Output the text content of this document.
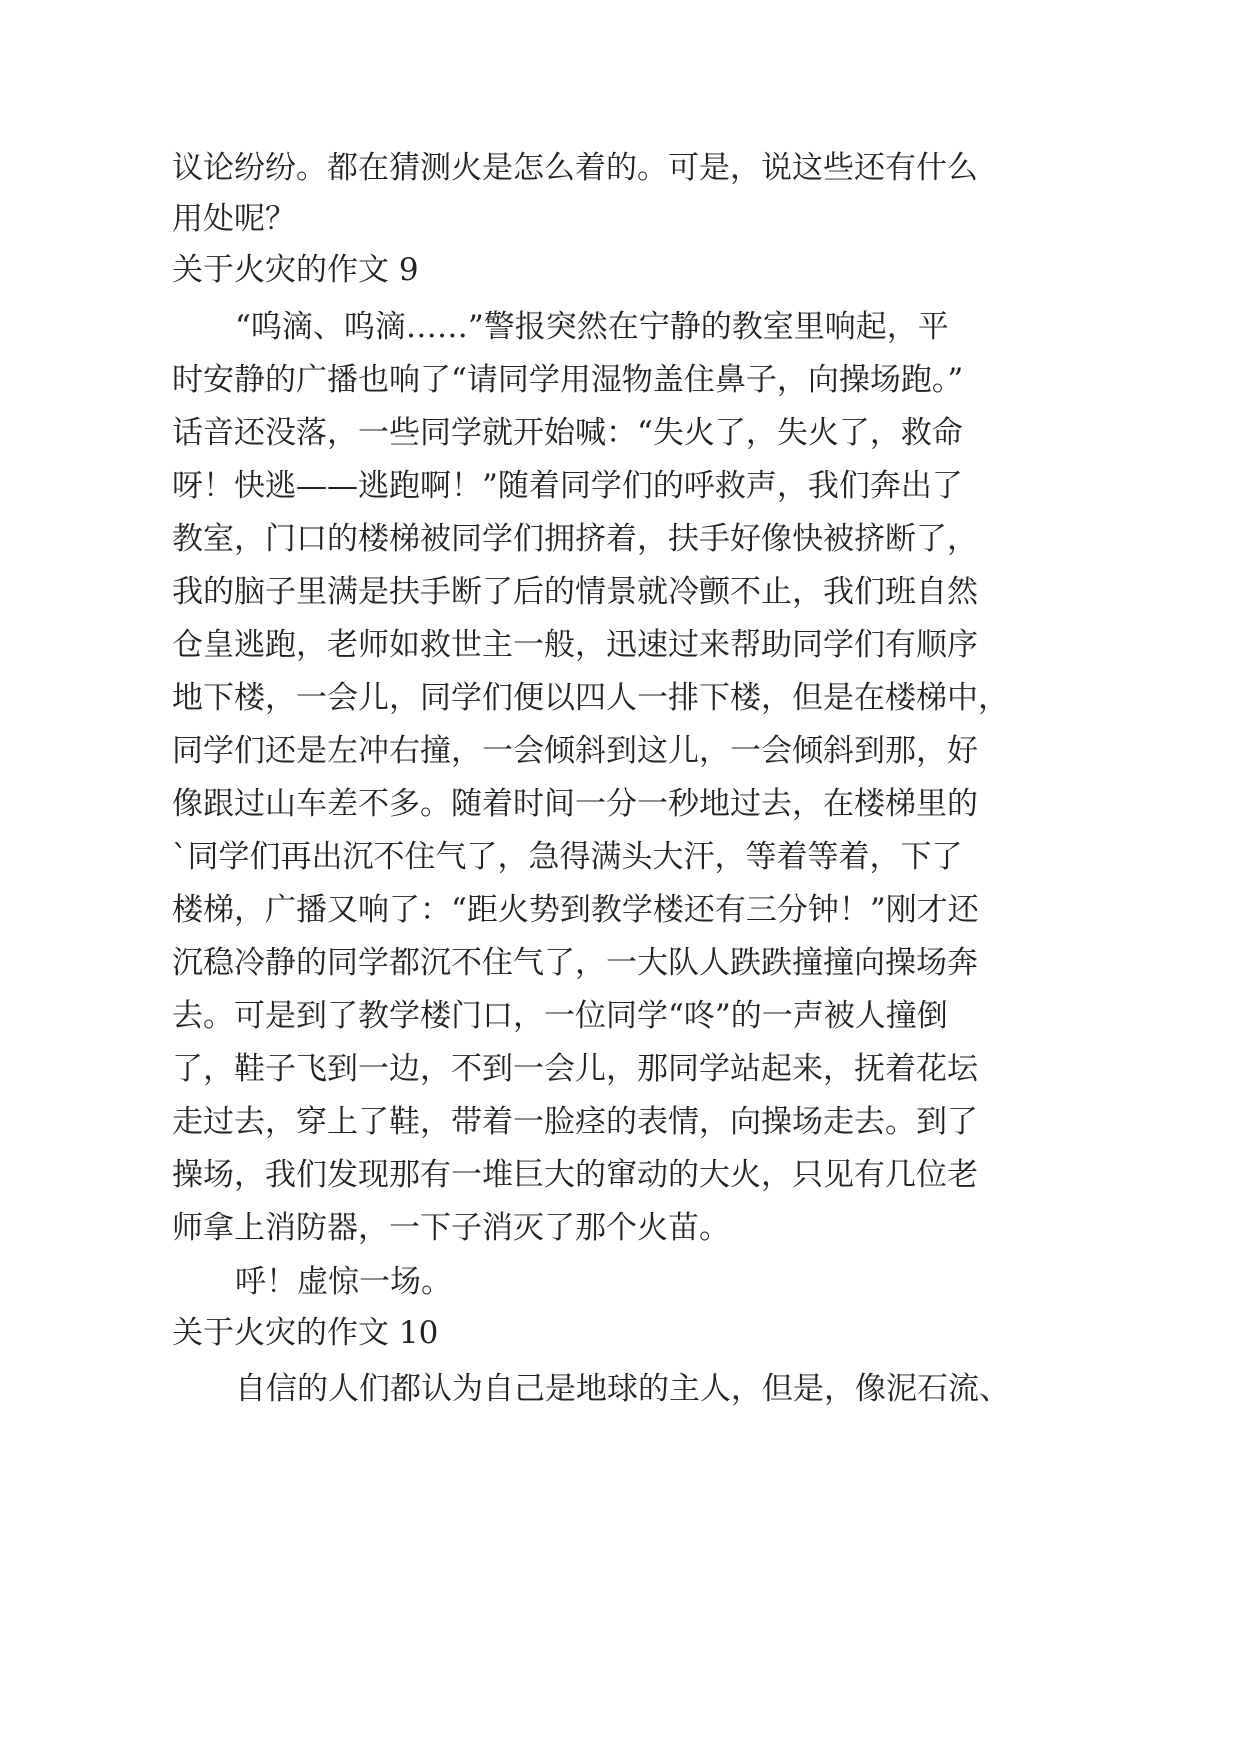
议论纷纷。都在猜测火是怎么着的。可是，说这些还有什么
用处呢？
关于火灾的作文 9
“呜滴、呜滴……”警报突然在宁静的教室里响起，平
时安静的广播也响了“请同学用湿物盖住鼻子，向操场跑。”
话音还没落，一些同学就开始喊：“失火了，失火了，救命
呀！快逃——逃跑啊！”随着同学们的呼救声，我们奔出了
教室，门口的楼梯被同学们拥挤着，扶手好像快被挤断了，
我的脑子里满是扶手断了后的情景就冷颤不止，我们班自然
仓皇逃跑，老师如救世主一般，迅速过来帮助同学们有顺序
地下楼，一会儿，同学们便以四人一排下楼，但是在楼梯中，
同学们还是左冲右撞，一会倾斜到这儿，一会倾斜到那，好
像跟过山车差不多。随着时间一分一秒地过去，在楼梯里的
`同学们再出沉不住气了，急得满头大汗，等着等着，下了
楼梯，广播又响了：“距火势到教学楼还有三分钟！”刚才还
沉稳冷静的同学都沉不住气了，一大队人跌跌撞撞向操场奔
去。可是到了教学楼门口，一位同学“咚”的一声被人撞倒
了，鞋子飞到一边，不到一会儿，那同学站起来，抚着花坛
走过去，穿上了鞋，带着一脸痉的表情，向操场走去。到了
操场，我们发现那有一堆巨大的窜动的大火，只见有几位老
师拿上消防器，一下子消灭了那个火苗。
呼！虚惊一场。
关于火灾的作文 10
自信的人们都认为自己是地球的主人，但是，像泥石流、
